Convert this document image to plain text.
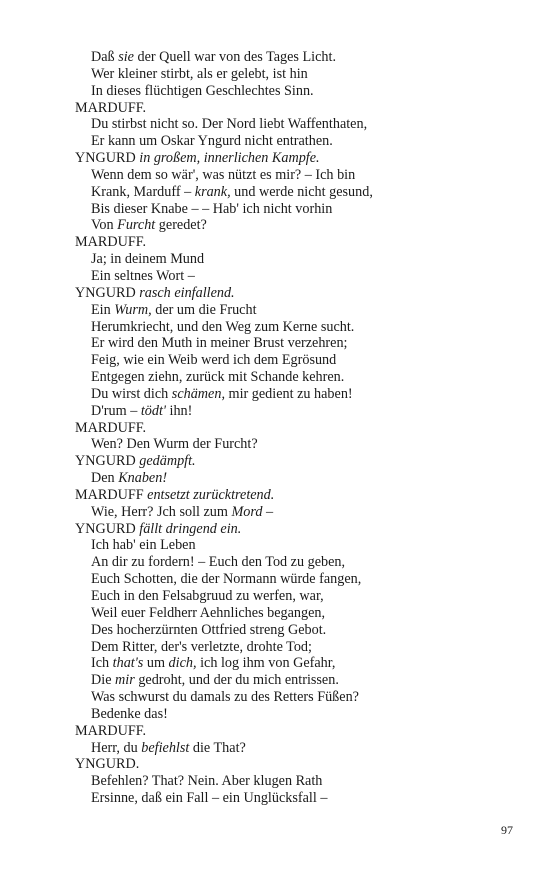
Daß sie der Quell war von des Tages Licht.
Wer kleiner stirbt, als er gelebt, ist hin
In dieses flüchtigen Geschlechtes Sinn.
MARDUFF.
Du stirbst nicht so. Der Nord liebt Waffenthaten,
Er kann um Oskar Yngurd nicht entrathen.
YNGURD in großem, innerlichen Kampfe.
Wenn dem so wär', was nützt es mir? – Ich bin
Krank, Marduff – krank, und werde nicht gesund,
Bis dieser Knabe – – Hab' ich nicht vorhin
Von Furcht geredet?
MARDUFF.
Ja; in deinem Mund
Ein seltnes Wort –
YNGURD rasch einfallend.
Ein Wurm, der um die Frucht
Herumkriecht, und den Weg zum Kerne sucht.
Er wird den Muth in meiner Brust verzehren;
Feig, wie ein Weib werd ich dem Egrösund
Entgegen ziehn, zurück mit Schande kehren.
Du wirst dich schämen, mir gedient zu haben!
D'rum – tödt' ihn!
MARDUFF.
Wen? Den Wurm der Furcht?
YNGURD gedämpft.
Den Knaben!
MARDUFF entsetzt zurücktretend.
Wie, Herr? Jch soll zum Mord –
YNGURD fällt dringend ein.
Ich hab' ein Leben
An dir zu fordern! – Euch den Tod zu geben,
Euch Schotten, die der Normann würde fangen,
Euch in den Felsabgruud zu werfen, war,
Weil euer Feldherr Aehnliches begangen,
Des hocherzürnten Ottfried streng Gebot.
Dem Ritter, der's verletzte, drohte Tod;
Ich that's um dich, ich log ihm von Gefahr,
Die mir gedroht, und der du mich entrissen.
Was schwurst du damals zu des Retters Füßen?
Bedenke das!
MARDUFF.
Herr, du befiehlst die That?
YNGURD.
Befehlen? That? Nein. Aber klugen Rath
Ersinne, daß ein Fall – ein Unglücksfall –
97
